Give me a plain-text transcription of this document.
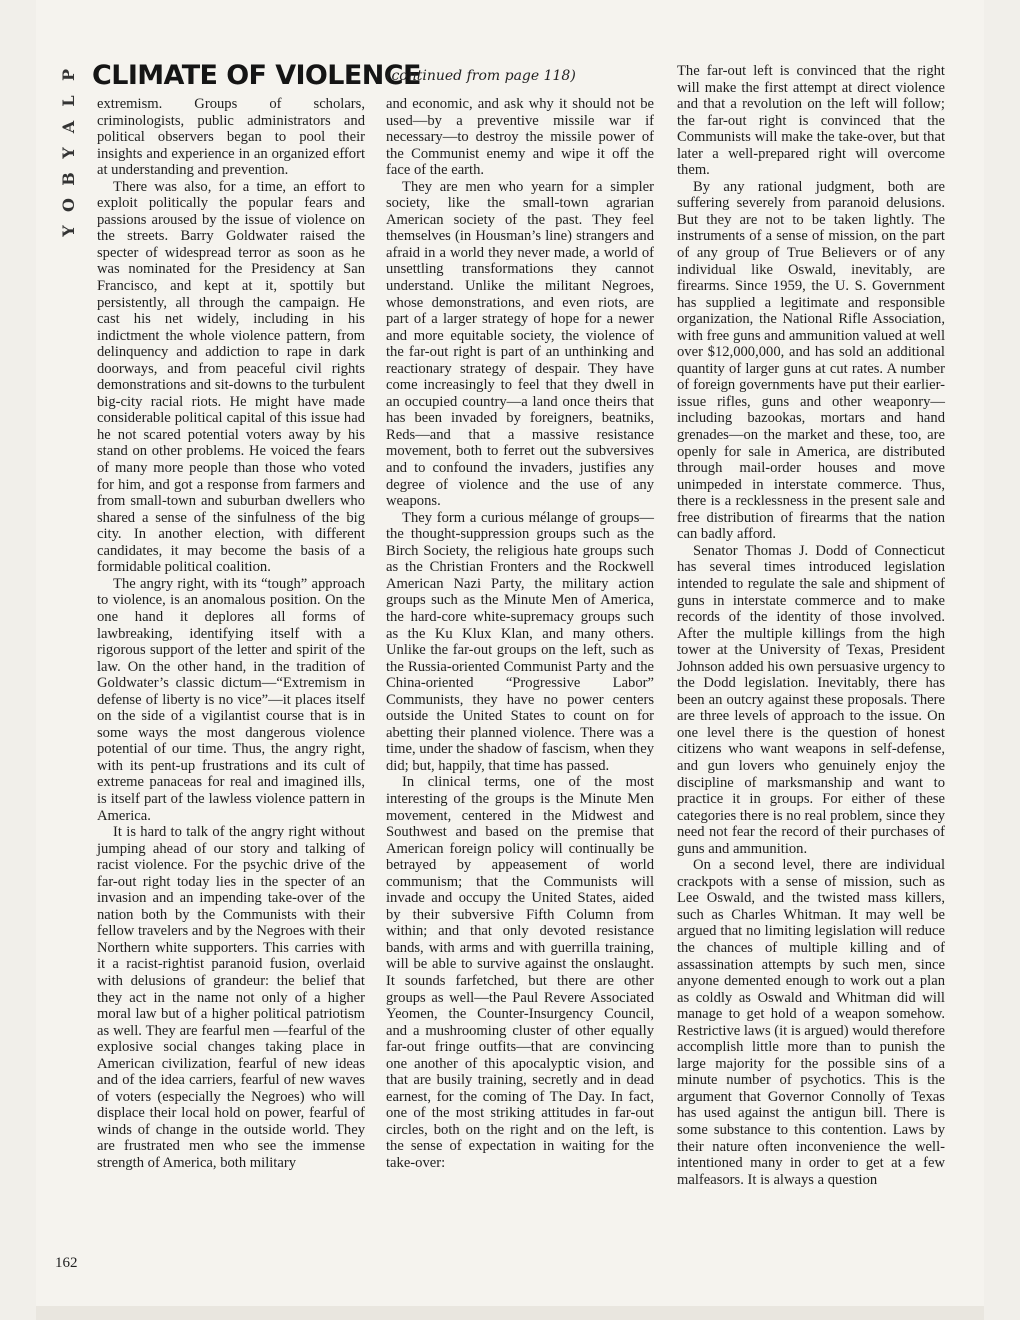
P
L
A
Y
B
O
Y
CLIMATE OF VIOLENCE
(continued from page 118)

extremism. Groups of scholars, criminologists, public administrators and political observers began to pool their insights and experience in an organized effort at understanding and prevention.

There was also, for a time, an effort to exploit politically the popular fears and passions aroused by the issue of violence on the streets. Barry Goldwater raised the specter of widespread terror as soon as he was nominated for the Presidency at San Francisco, and kept at it, spottily but persistently, all through the campaign. He cast his net widely, including in his indictment the whole violence pattern, from delinquency and addiction to rape in dark doorways, and from peaceful civil rights demonstrations and sit-downs to the turbulent big-city racial riots. He might have made considerable political capital of this issue had he not scared potential voters away by his stand on other problems. He voiced the fears of many more people than those who voted for him, and got a response from farmers and from small-town and suburban dwellers who shared a sense of the sinfulness of the big city. In another election, with different candidates, it may become the basis of a formidable political coalition.

The angry right, with its “tough” approach to violence, is an anomalous position. On the one hand it deplores all forms of lawbreaking, identifying itself with a rigorous support of the letter and spirit of the law. On the other hand, in the tradition of Goldwater’s classic dictum—“Extremism in defense of liberty is no vice”—it places itself on the side of a vigilantist course that is in some ways the most dangerous violence potential of our time. Thus, the angry right, with its pent-up frustrations and its cult of extreme panaceas for real and imagined ills, is itself part of the lawless violence pattern in America.

It is hard to talk of the angry right without jumping ahead of our story and talking of racist violence. For the psychic drive of the far-out right today lies in the specter of an invasion and an impending take-over of the nation both by the Communists with their fellow travelers and by the Negroes with their Northern white supporters. This carries with it a racist-rightist paranoid fusion, overlaid with delusions of grandeur: the belief that they act in the name not only of a higher moral law but of a higher political patriotism as well. They are fearful men —fearful of the explosive social changes taking place in American civilization, fearful of new ideas and of the idea carriers, fearful of new waves of voters (especially the Negroes) who will displace their local hold on power, fearful of winds of change in the outside world. They are frustrated men who see the immense strength of America, both military

and economic, and ask why it should not be used—by a preventive missile war if necessary—to destroy the missile power of the Communist enemy and wipe it off the face of the earth.

They are men who yearn for a simpler society, like the small-town agrarian American society of the past. They feel themselves (in Housman’s line) strangers and afraid in a world they never made, a world of unsettling transformations they cannot understand. Unlike the militant Negroes, whose demonstrations, and even riots, are part of a larger strategy of hope for a newer and more equitable society, the violence of the far-out right is part of an unthinking and reactionary strategy of despair. They have come increasingly to feel that they dwell in an occupied country—a land once theirs that has been invaded by foreigners, beatniks, Reds—and that a massive resistance movement, both to ferret out the subversives and to confound the invaders, justifies any degree of violence and the use of any weapons.

They form a curious mélange of groups—the thought-suppression groups such as the Birch Society, the religious hate groups such as the Christian Fronters and the Rockwell American Nazi Party, the military action groups such as the Minute Men of America, the hard-core white-supremacy groups such as the Ku Klux Klan, and many others. Unlike the far-out groups on the left, such as the Russia-oriented Communist Party and the China-oriented “Progressive Labor” Communists, they have no power centers outside the United States to count on for abetting their planned violence. There was a time, under the shadow of fascism, when they did; but, happily, that time has passed.

In clinical terms, one of the most interesting of the groups is the Minute Men movement, centered in the Midwest and Southwest and based on the premise that American foreign policy will continually be betrayed by appeasement of world communism; that the Communists will invade and occupy the United States, aided by their subversive Fifth Column from within; and that only devoted resistance bands, with arms and with guerrilla training, will be able to survive against the onslaught. It sounds farfetched, but there are other groups as well—the Paul Revere Associated Yeomen, the Counter-Insurgency Council, and a mushrooming cluster of other equally far-out fringe outfits—that are convincing one another of this apocalyptic vision, and that are busily training, secretly and in dead earnest, for the coming of The Day. In fact, one of the most striking attitudes in far-out circles, both on the right and on the left, is the sense of expectation in waiting for the take-over:

The far-out left is convinced that the right will make the first attempt at direct violence and that a revolution on the left will follow; the far-out right is convinced that the Communists will make the take-over, but that later a well-prepared right will overcome them.

By any rational judgment, both are suffering severely from paranoid delusions. But they are not to be taken lightly. The instruments of a sense of mission, on the part of any group of True Believers or of any individual like Oswald, inevitably, are firearms. Since 1959, the U. S. Government has supplied a legitimate and responsible organization, the National Rifle Association, with free guns and ammunition valued at well over $12,000,000, and has sold an additional quantity of larger guns at cut rates. A number of foreign governments have put their earlier-issue rifles, guns and other weaponry—including bazookas, mortars and hand grenades—on the market and these, too, are openly for sale in America, are distributed through mail-order houses and move unimpeded in interstate commerce. Thus, there is a recklessness in the present sale and free distribution of firearms that the nation can badly afford.

Senator Thomas J. Dodd of Connecticut has several times introduced legislation intended to regulate the sale and shipment of guns in interstate commerce and to make records of the identity of those involved. After the multiple killings from the high tower at the University of Texas, President Johnson added his own persuasive urgency to the Dodd legislation. Inevitably, there has been an outcry against these proposals. There are three levels of approach to the issue. On one level there is the question of honest citizens who want weapons in self-defense, and gun lovers who genuinely enjoy the discipline of marksmanship and want to practice it in groups. For either of these categories there is no real problem, since they need not fear the record of their purchases of guns and ammunition.

On a second level, there are individual crackpots with a sense of mission, such as Lee Oswald, and the twisted mass killers, such as Charles Whitman. It may well be argued that no limiting legislation will reduce the chances of multiple killing and of assassination attempts by such men, since anyone demented enough to work out a plan as coldly as Oswald and Whitman did will manage to get hold of a weapon somehow. Restrictive laws (it is argued) would therefore accomplish little more than to punish the large majority for the possible sins of a minute number of psychotics. This is the argument that Governor Connolly of Texas has used against the antigun bill. There is some substance to this contention. Laws by their nature often inconvenience the well-intentioned many in order to get at a few malfeasors. It is always a question

162
